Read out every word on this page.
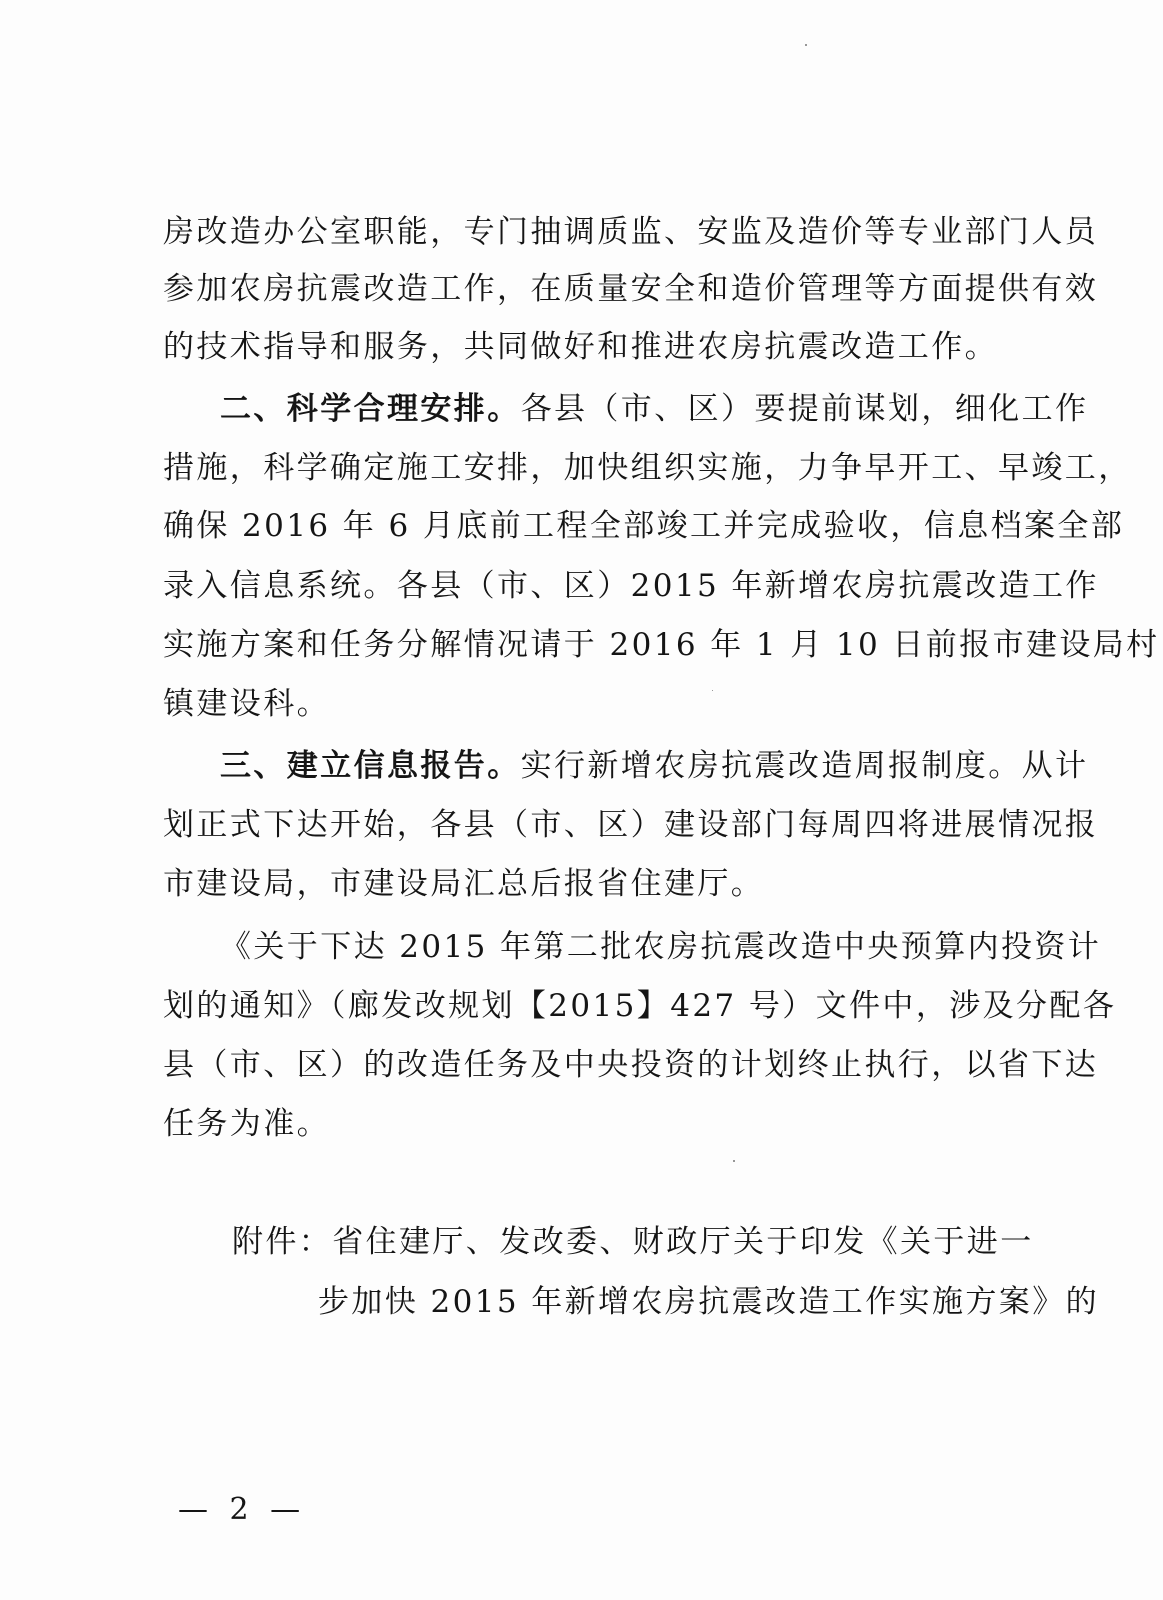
房改造办公室职能，专门抽调质监、安监及造价等专业部门人员
参加农房抗震改造工作，在质量安全和造价管理等方面提供有效
的技术指导和服务，共同做好和推进农房抗震改造工作。
二、科学合理安排。各县（市、区）要提前谋划，细化工作
措施，科学确定施工安排，加快组织实施，力争早开工、早竣工，
确保 2016 年 6 月底前工程全部竣工并完成验收，信息档案全部
录入信息系统。各县（市、区）2015 年新增农房抗震改造工作
实施方案和任务分解情况请于 2016 年 1 月 10 日前报市建设局村
镇建设科。
三、建立信息报告。实行新增农房抗震改造周报制度。从计
划正式下达开始，各县（市、区）建设部门每周四将进展情况报
市建设局，市建设局汇总后报省住建厅。
《关于下达 2015 年第二批农房抗震改造中央预算内投资计
划的通知》（廊发改规划【2015】427 号）文件中，涉及分配各
县（市、区）的改造任务及中央投资的计划终止执行，以省下达
任务为准。
附件：省住建厅、发改委、财政厅关于印发《关于进一
步加快 2015 年新增农房抗震改造工作实施方案》的
— 2 —
